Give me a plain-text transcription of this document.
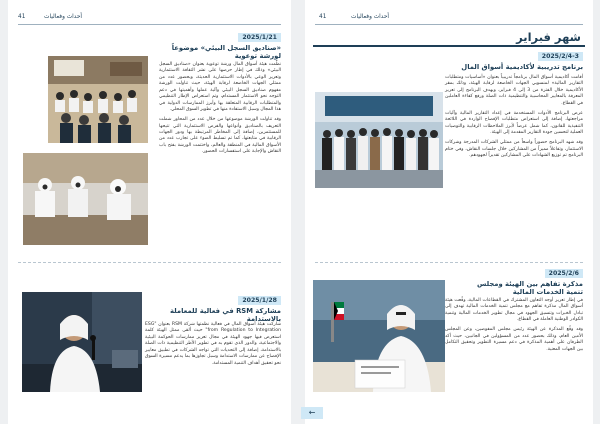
أحداث وفعاليات
41
2025/1/21
«صناديق السجل البيئي» موضوعاً لورشة توعوية

نظّمت هيئة أسواق المال ورشة توعوية بعنوان «صناديق السجل البيئي» وذلك في إطار حرصها على نشر الثقافة الاستثمارية وتعزيز الوعي بالأدوات الاستثمارية الحديثة، وبحضور عدد من ممثلي الجهات الخاضعة لرقابة الهيئة، حيث تناولت الورشة مفهوم صناديق السجل البيئي وآلية عملها وأهميتها في دعم التوجه نحو الاستثمار المستدام، وتم استعراض الإطار التنظيمي والمتطلبات الرقابية المتعلقة بها وأبرز الممارسات الدولية في هذا المجال وسبل الاستفادة منها في تطوير السوق المحلي.

وقد تناولت الورشة موضوعها من خلال عدد من المحاور شملت التعريف بالصناديق وأنواعها والفرص الاستثمارية التي تتيحها للمستثمرين، إضافة إلى المخاطر المرتبطة بها ودور الجهات الرقابية في متابعتها، كما تم تسليط الضوء على تجارب عدد من الأسواق المالية في المنطقة والعالم، واختتمت الورشة بفتح باب النقاش والإجابة على استفسارات الحضور.

2025/1/28
مشاركة RSM في فعالية للمعاملة بالاستدامة

شاركت هيئة أسواق المال في فعالية نظمتها شركة RSM بعنوان "ESG from Regulation to Integration" حيث ألقى ممثل الهيئة كلمة استعرض فيها جهود الهيئة في مجال تعزيز ممارسات الحوكمة البيئية والاجتماعية، والدور الذي تقوم به في تطوير الأطر التنظيمية ذات الصلة بالاستدامة، إضافة إلى التحديات التي تواجه الشركات في تطبيق معايير الإفصاح عن ممارسات الاستدامة وسبل تجاوزها بما يدعم مسيرة السوق نحو تحقيق أهداف التنمية المستدامة.

أحداث وفعاليات
41
شهر فبراير
2025/2/4-3
برنامج تدريبية لأكاديمية أسواق المال

أقامت أكاديمية أسواق المال برنامجاً تدريبياً بعنوان «أساسيات ومتطلبات التقارير المالية» لمنسوبي الجهات الخاضعة لرقابة الهيئة، وذلك بمقر الأكاديمية خلال الفترة من 3 إلى 4 فبراير، ويهدف البرنامج إلى تعزيز المعرفة بالمعايير المحاسبية والتنظيمية ذات الصلة ورفع كفاءة العاملين في القطاع.

عرض البرنامج الأدوات المستخدمة في إعداد التقارير المالية وآليات مراجعتها، إضافة إلى استعراض متطلبات الإفصاح الواردة في اللائحة التنفيذية للقانون، كما شمل عرضاً لأبرز الملاحظات الرقابية والتوصيات العملية لتحسين جودة التقارير المقدمة إلى الهيئة.

وقد شهد البرنامج حضوراً واسعاً من ممثلي الشركات المدرجة وشركات الاستثمار، وتفاعلاً مميزاً من المشاركين خلال جلسات النقاش، وفي ختام البرنامج تم توزيع الشهادات على المشاركين تقديراً لجهودهم.

2025/2/6
مذكرة تفاهم بين الهيئة ومجلس تنمية الخدمات المالية

في إطار تعزيز أوجه التعاون المشترك في القطاعات المالية، وقّعت هيئة أسواق المال مذكرة تفاهم مع مجلس تنمية الخدمات المالية تهدف إلى تبادل الخبرات وتنسيق الجهود في مجال تطوير الخدمات المالية وتنمية الكوادر الوطنية العاملة في القطاع.

وقد وقّع المذكرة عن الهيئة رئيس مجلس المفوضين، وعن المجلس الأمين العام، وذلك بحضور عدد من المسؤولين في الجانبين، حيث أكد الطرفان على أهمية المذكرة في دعم مسيرة التطوير وتحقيق التكامل بين الجهات المعنية.

←
